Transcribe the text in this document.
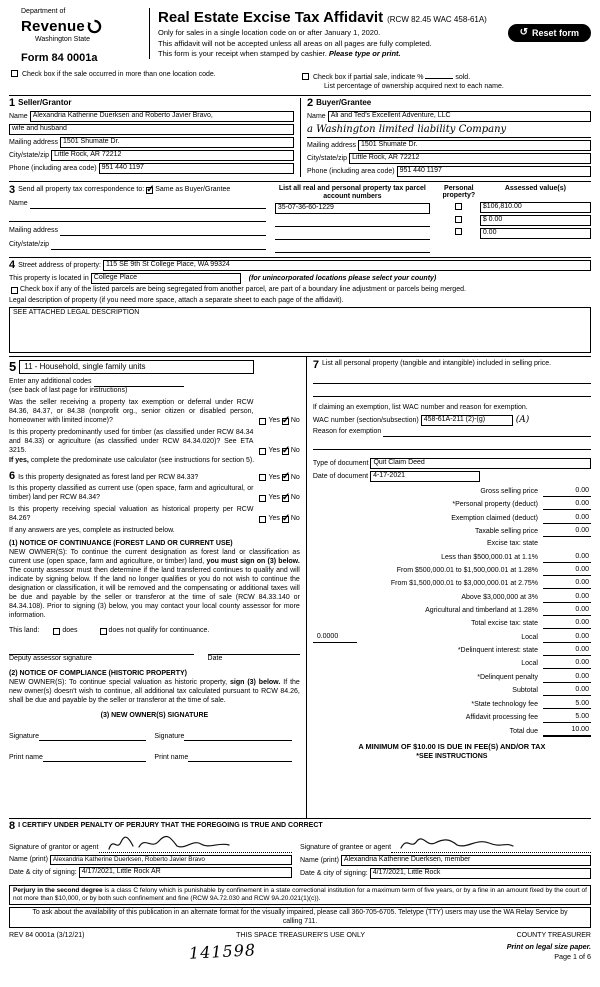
Department of
Revenue
Washington State
Form 84 0001a
Real Estate Excise Tax Affidavit (RCW 82.45 WAC 458-61A)
Only for sales in a single location code on or after January 1, 2020.
This affidavit will not be accepted unless all areas on all pages are fully completed.
This form is your receipt when stamped by cashier. Please type or print.
↺ Reset form
Check box if the sale occurred in more than one location code.	Check box if partial sale, indicate %	sold.
List percentage of ownership acquired next to each name.
1 Seller/Grantor
Name Alexandria Katherine Duerksen and Roberto Javier Bravo,
wife and husband
Mailing address 1501 Shumate Dr.
City/state/zip Little Rock, AR 72212
Phone (including area code) 951 440 1197
2 Buyer/Grantee
Name Ali and Ted's Excellent Adventure, LLC
a Washington limited liability Company
Mailing address 1501 Shumate Dr.
City/state/zip Little Rock, AR 72212
Phone (including area code) 951 440 1197
3 Send all property tax correspondence to: ✓ Same as Buyer/Grantee
Name
Mailing address
City/state/zip
List all real and personal property tax parcel account numbers
35-07-36-60-1229
Personal property?
Assessed value(s)
$106,810.00
$ 0.00
0.00
4 Street address of property: 115 SE 9th St College Place, WA 99324
This property is located in College Place	(for unincorporated locations please select your county)
Check box if any of the listed parcels are being segregated from another parcel, are part of a boundary line adjustment or parcels being merged.
Legal description of property (if you need more space, attach a separate sheet to each page of the affidavit).
SEE ATTACHED LEGAL DESCRIPTION
5	11 - Household, single family units
Enter any additional codes
(see back of last page for instructions)
Was the seller receiving a property tax exemption or deferral under RCW 84.36, 84.37, or 84.38 (nonprofit org., senior citizen or disabled person, homeowner with limited income)?	Yes ✓ No
Is this property predominantly used for timber (as classified under RCW 84.34 and 84.33) or agriculture (as classified under RCW 84.34.020)? See ETA 3215.	Yes ✓ No
If yes, complete the predominate use calculator (see instructions for section 5).
6 Is this property designated as forest land per RCW 84.33?	Yes ✓ No
Is this property classified as current use (open space, farm and agricultural, or timber) land per RCW 84.34?	Yes ✓ No
Is this property receiving special valuation as historical property per RCW 84.26?	Yes ✓ No
If any answers are yes, complete as instructed below.
(1) NOTICE OF CONTINUANCE (FOREST LAND OR CURRENT USE)
NEW OWNER(S): To continue the current designation as forest land or classification as current use (open space, farm and agriculture, or timber) land, you must sign on (3) below. The county assessor must then determine if the land transferred continues to qualify and will indicate by signing below. If the land no longer qualifies or you do not wish to continue the designation or classification, it will be removed and the compensating or additional taxes will be due and payable by the seller or transferor at the time of sale (RCW 84.33.140 or 84.34.108). Prior to signing (3) below, you may contact your local county assessor for more information.
This land:	does	does not qualify for continuance.
Deputy assessor signature	Date
(2) NOTICE OF COMPLIANCE (HISTORIC PROPERTY)
NEW OWNER(S): To continue special valuation as historic property, sign (3) below. If the new owner(s) doesn't wish to continue, all additional tax calculated pursuant to RCW 84.26, shall be due and payable by the seller or transferor at the time of sale.
(3) NEW OWNER(S) SIGNATURE
Signature	Signature
Print name	Print name
7 List all personal property (tangible and intangible) included in selling price.
If claiming an exemption, list WAC number and reason for exemption.
WAC number (section/subsection) 458-61A-211 (2)-(g)	(A)
Reason for exemption
Type of document Quit Claim Deed
Date of document 4-17-2021
Gross selling price	0.00
*Personal property (deduct)	0.00
Exemption claimed (deduct)	0.00
Taxable selling price	0.00
Excise tax: state
Less than $500,000.01 at 1.1%	0.00
From $500,000.01 to $1,500,000.01 at 1.28%	0.00
From $1,500,000.01 to $3,000,000.01 at 2.75%	0.00
Above $3,000,000 at 3%	0.00
Agricultural and timberland at 1.28%	0.00
Total excise tax: state	0.00
0.0000	Local	0.00
*Delinquent interest: state	0.00
Local	0.00
*Delinquent penalty	0.00
Subtotal	0.00
*State technology fee	5.00
Affidavit processing fee	5.00
Total due	10.00
A MINIMUM OF $10.00 IS DUE IN FEE(S) AND/OR TAX
*SEE INSTRUCTIONS
8 I CERTIFY UNDER PENALTY OF PERJURY THAT THE FOREGOING IS TRUE AND CORRECT
Signature of grantor or agent
Name (print) Alexandria Katherine Duerksen, Roberto Javier Bravo
Date & city of signing: 4/17/2021, Little Rock AR
Signature of grantee or agent
Name (print) Alexandria Katherine Duerksen, member
Date & city of signing: 4/17/2021, Little Rock
Perjury in the second degree is a class C felony which is punishable by confinement in a state correctional institution for a maximum term of five years, or by a fine in an amount fixed by the court of not more than $10,000, or by both such confinement and fine (RCW 9A.72.030 and RCW 9A.20.021(1)(c)).
To ask about the availability of this publication in an alternate format for the visually impaired, please call 360-705-6705. Teletype (TTY) users may use the WA Relay Service by calling 711.
REV 84 0001a (3/12/21)	THIS SPACE TREASURER'S USE ONLY	COUNTY TREASURER
141598	Print on legal size paper.
Page 1 of 6
